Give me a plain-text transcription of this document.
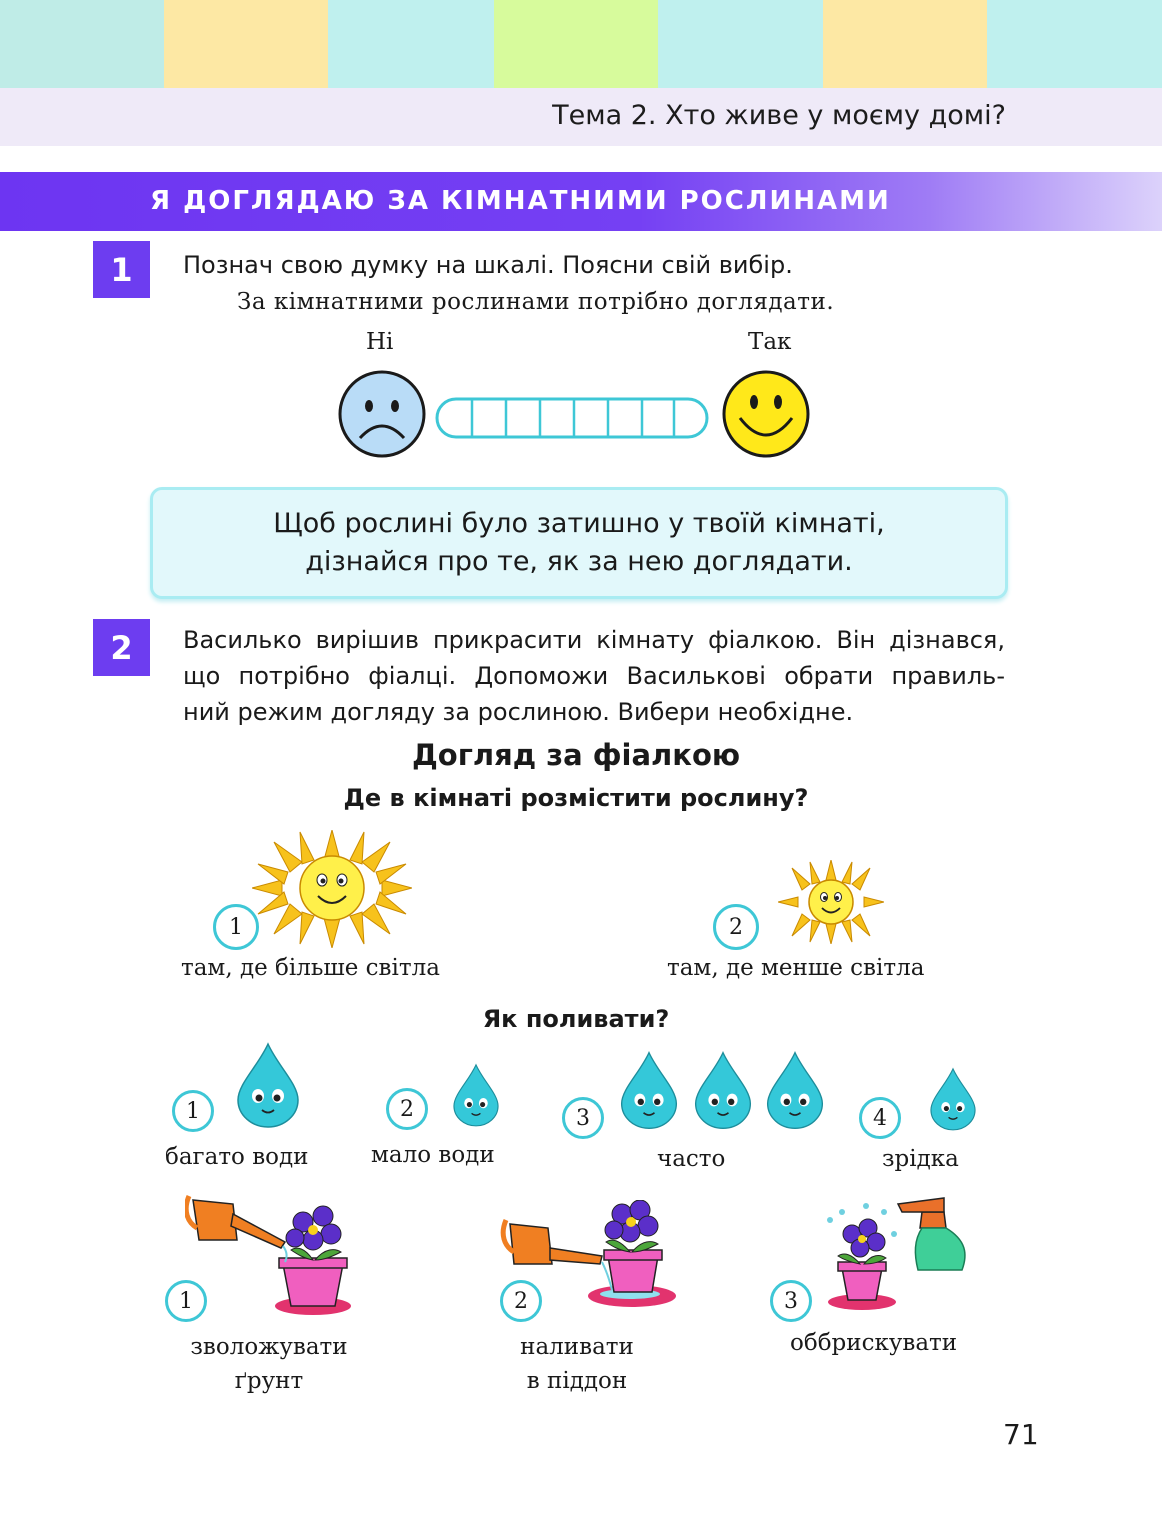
Тема 2. Хто живе у моєму домі?
Я ДОГЛЯДАЮ ЗА КІМНАТНИМИ РОСЛИНАМИ
1	Познач свою думку на шкалі. Поясни свій вибір.
За кімнатними рослинами потрібно доглядати.
Ні	Так
Щоб рослині було затишно у твоїй кімнаті,
дізнайся про те, як за нею доглядати.
2	Василько вирішив прикрасити кімнату фіалкою. Він дізнався,
що потрібно фіалці. Допоможи Васильковi обрати правиль-
ний режим догляду за рослиною. Вибери необхідне.
Догляд за фіалкою
Де в кімнаті розмістити рослину?
1
там, де більше світла
2
там, де менше світла
Як поливати?
1
багато води
2
мало води
3
часто
4
зрідка
1
зволожувати
ґрунт
2
наливати
в піддон
3
оббрискувати
71
